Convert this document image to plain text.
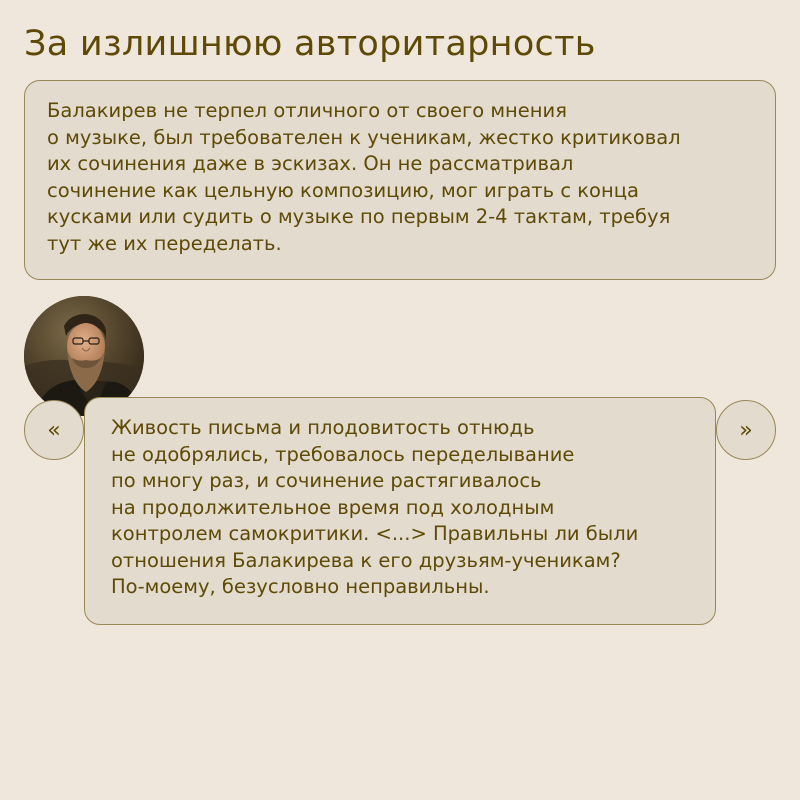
За излишнюю авторитарность

Балакирев не терпел отличного от своего мнения
о музыке, был требователен к ученикам, жестко критиковал
их сочинения даже в эскизах. Он не рассматривал
сочинение как цельную композицию, мог играть с конца
кусками или судить о музыке по первым 2-4 тактам, требуя
тут же их переделать.

«	Живость письма и плодовитость отнюдь
не одобрялись, требовалось переделывание
по многу раз, и сочинение растягивалось
на продолжительное время под холодным
контролем самокритики. <...> Правильны ли были
отношения Балакирева к его друзьям-ученикам?
По-моему, безусловно неправильны.

»
